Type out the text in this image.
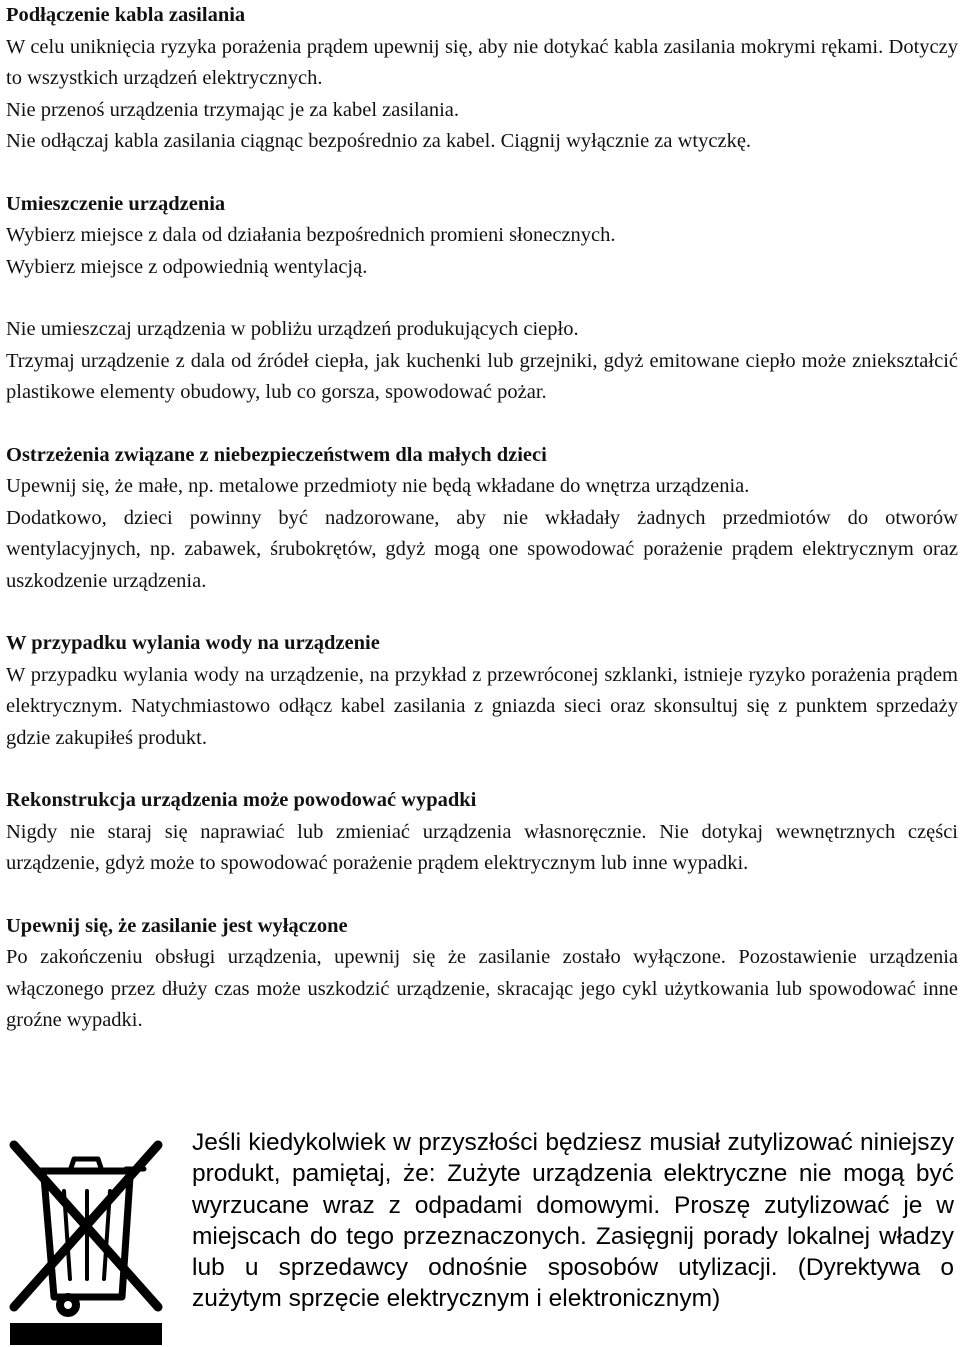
Podłączenie kabla zasilania

W celu uniknięcia ryzyka porażenia prądem upewnij się, aby nie dotykać kabla zasilania mokrymi rękami. Dotyczy to wszystkich urządzeń elektrycznych.

Nie przenoś urządzenia trzymając je za kabel zasilania.

Nie odłączaj kabla zasilania ciągnąc bezpośrednio za kabel. Ciągnij wyłącznie za wtyczkę.

Umieszczenie urządzenia

Wybierz miejsce z dala od działania bezpośrednich promieni słonecznych.

Wybierz miejsce z odpowiednią wentylacją.

Nie umieszczaj urządzenia w pobliżu urządzeń produkujących ciepło.

Trzymaj urządzenie z dala od źródeł ciepła, jak kuchenki lub grzejniki, gdyż emitowane ciepło może zniekształcić plastikowe elementy obudowy, lub co gorsza, spowodować pożar.

Ostrzeżenia związane z niebezpieczeństwem dla małych dzieci

Upewnij się, że małe, np. metalowe przedmioty nie będą wkładane do wnętrza urządzenia.

Dodatkowo, dzieci powinny być nadzorowane, aby nie wkładały żadnych przedmiotów do otworów wentylacyjnych, np. zabawek, śrubokrętów, gdyż mogą one spowodować porażenie prądem elektrycznym oraz uszkodzenie urządzenia.

W przypadku wylania wody na urządzenie

W przypadku wylania wody na urządzenie, na przykład z przewróconej szklanki, istnieje ryzyko porażenia prądem elektrycznym. Natychmiastowo odłącz kabel zasilania z gniazda sieci oraz skonsultuj się z punktem sprzedaży gdzie zakupiłeś produkt.

Rekonstrukcja urządzenia może powodować wypadki

Nigdy nie staraj się naprawiać lub zmieniać urządzenia własnoręcznie. Nie dotykaj wewnętrznych części urządzenie, gdyż może to spowodować porażenie prądem elektrycznym lub inne wypadki.

Upewnij się, że zasilanie jest wyłączone

Po zakończeniu obsługi urządzenia, upewnij się że zasilanie zostało wyłączone. Pozostawienie urządzenia włączonego przez dłuży czas może uszkodzić urządzenie, skracając jego cykl użytkowania lub spowodować inne groźne wypadki.

Jeśli kiedykolwiek w przyszłości będziesz musiał zutylizować niniejszy produkt, pamiętaj, że: Zużyte urządzenia elektryczne nie mogą być wyrzucane wraz z odpadami domowymi. Proszę zutylizować je w miejscach do tego przeznaczonych. Zasięgnij porady lokalnej władzy lub u sprzedawcy odnośnie sposobów utylizacji. (Dyrektywa o zużytym sprzęcie elektrycznym i elektronicznym)
